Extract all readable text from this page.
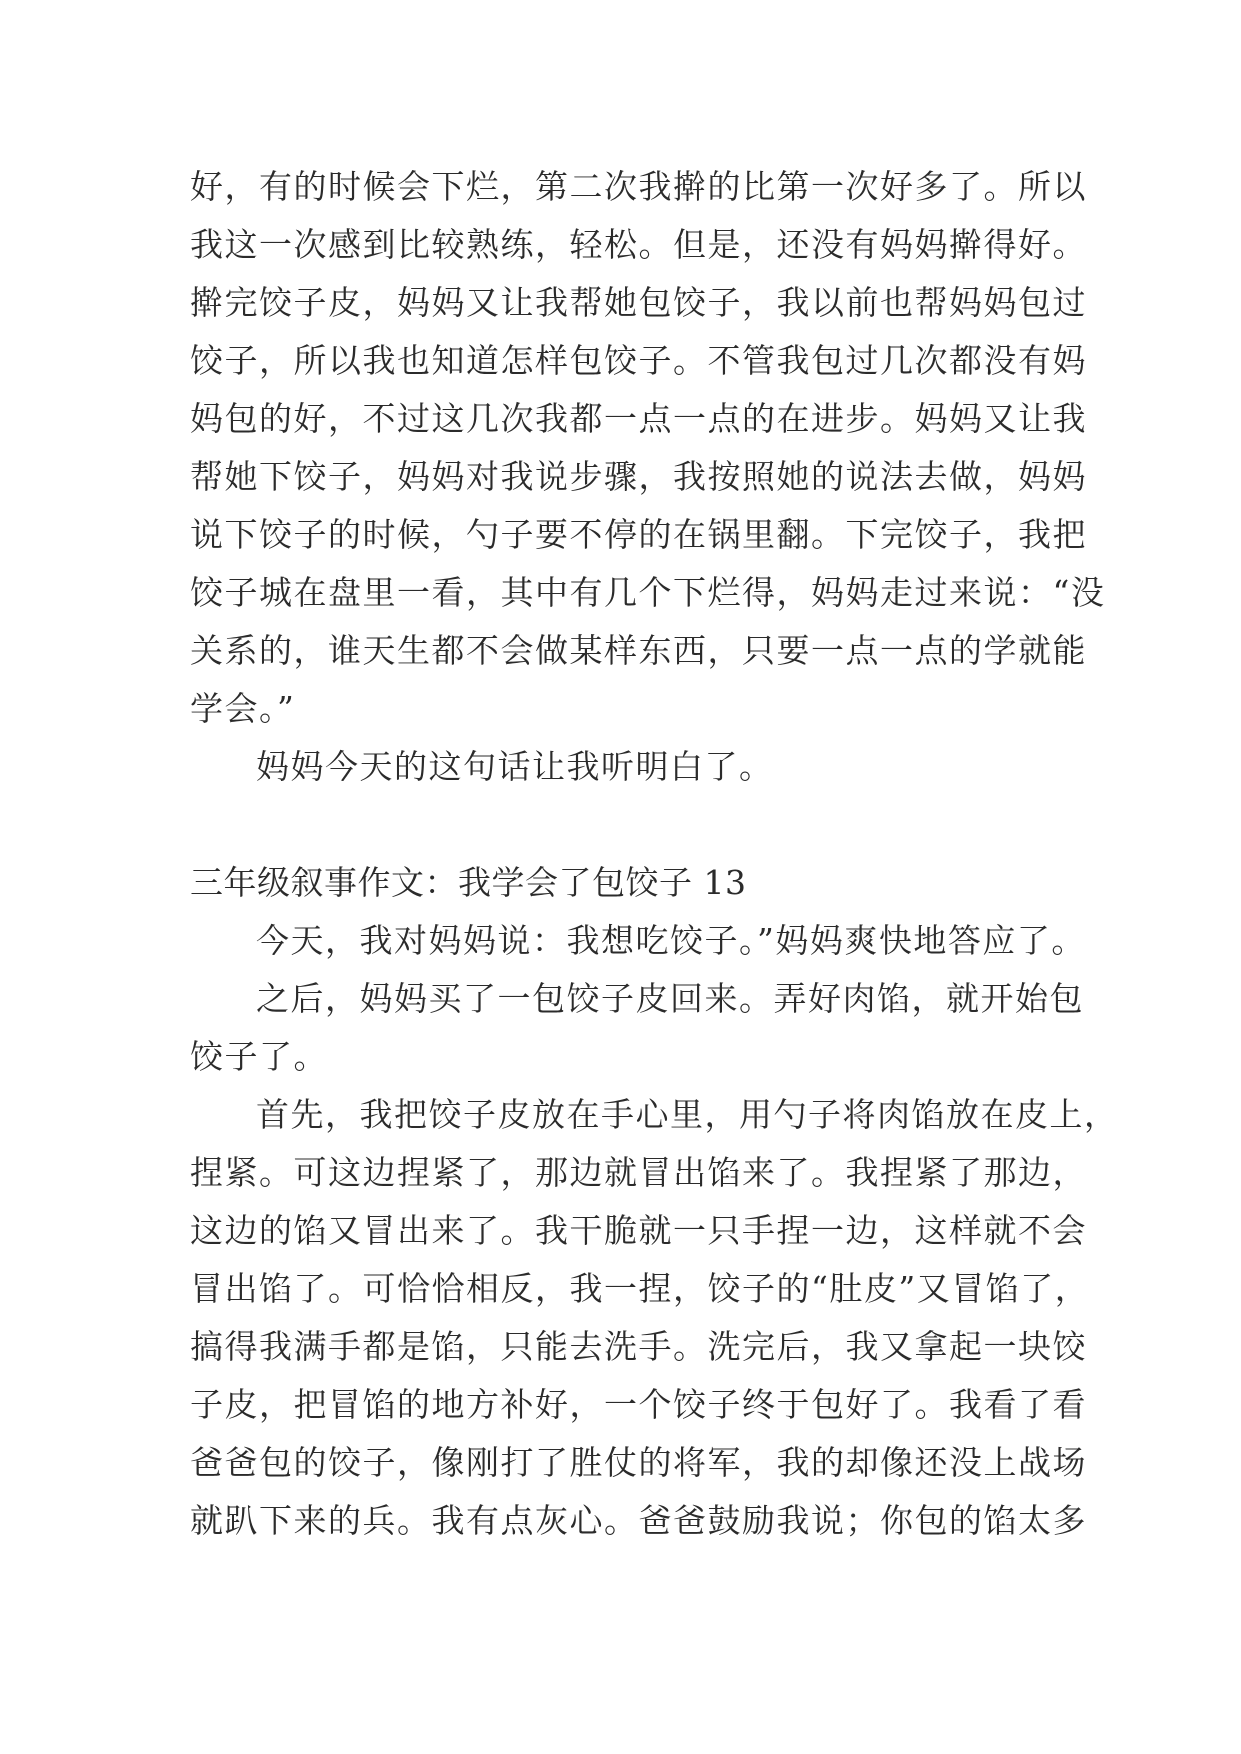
好，有的时候会下烂，第二次我擀的比第一次好多了。所以
我这一次感到比较熟练，轻松。但是，还没有妈妈擀得好。
擀完饺子皮，妈妈又让我帮她包饺子，我以前也帮妈妈包过
饺子，所以我也知道怎样包饺子。不管我包过几次都没有妈
妈包的好，不过这几次我都一点一点的在进步。妈妈又让我
帮她下饺子，妈妈对我说步骤，我按照她的说法去做，妈妈
说下饺子的时候，勺子要不停的在锅里翻。下完饺子，我把
饺子城在盘里一看，其中有几个下烂得，妈妈走过来说：“没
关系的，谁天生都不会做某样东西，只要一点一点的学就能
学会。”
妈妈今天的这句话让我听明白了。
三年级叙事作文：我学会了包饺子 13
今天，我对妈妈说：我想吃饺子。”妈妈爽快地答应了。
之后，妈妈买了一包饺子皮回来。弄好肉馅，就开始包
饺子了。
首先，我把饺子皮放在手心里，用勺子将肉馅放在皮上，
捏紧。可这边捏紧了，那边就冒出馅来了。我捏紧了那边，
这边的馅又冒出来了。我干脆就一只手捏一边，这样就不会
冒出馅了。可恰恰相反，我一捏，饺子的“肚皮”又冒馅了，
搞得我满手都是馅，只能去洗手。洗完后，我又拿起一块饺
子皮，把冒馅的地方补好，一个饺子终于包好了。我看了看
爸爸包的饺子，像刚打了胜仗的将军，我的却像还没上战场
就趴下来的兵。我有点灰心。爸爸鼓励我说；你包的馅太多
